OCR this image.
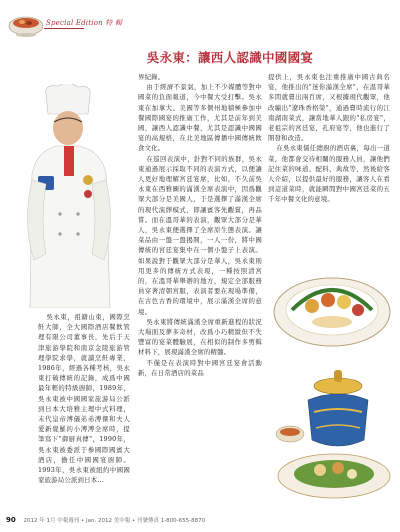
Special Edition 特 輯
吳永東：讓西人認識中國國宴

吳永東，祖籍山東，國際烹飪大師，全大國際酒店餐飲管理有限公司董事長，先后于天津旅游學院和南京金陵旅游管理學院求學，就讀烹飪專業，1986年，經過各種考核，吳永東打破傳統的記錄，成爲中國最年輕的特級廚師，1989年，吳永東被中國國家旅游局公派到日本大培雅主理中式料理，末代皇帝溥儀弟弟溥傑和夫人愛新覺羅的小溥溥全席時，提筆寫下"御厨真傳"，1990年，吳永東被委派于参國際國賓大酒店，擔任中國國宴廚師。1993年，吳永東被紐約中國國家旅游局公派到日本...

界紀錄。

由于經濟不景氣，加上不少媒體等對中國菜的負面報道，今中餐大受打擊。吳永東在加拿大、美國等多個州地積極參加中餐國際國宴的推廣工作，尤其是前年到美國，讓西人認識中餐，尤其是認識中國國宴的高規格，在北美地區傳播中國傳統飲食文化。

在巡回表演中，針對不同的族群，吳永東通過展示採取不同的表演方式，以便讓人更好地理解宮廷宴席，比如，不久前吳永東在西雅圖的滿漢全席表演中，因爲觀眾大部分是美國人，于是選擇了滿漢全席的現代演繹模式，即讓賓客先觀賞，再品嘗。而在溫哥華的表演，觀眾大部分是華人，吳永東便選擇了全席原生態表演。讓菜品由一盤一盤揭開，一人一份，將中國傳統的宮廷宴集中在一個小盤子上表演。如果說對于觀眾大部分是華人，吳永東則用更多的傳統方式表現，一種按照清宮的，在溫哥華舉辦的地方，規定全部服務員穿著清朝宮服，表演者要在現場準備，在古色古香的環境中，展示滿漢全席的意境。

吳永東將傳統滿漢全席重新進程的狀況大場面及夢多奇材，改爲小巧精緻但不失豐富的宴菜體驗展，在相似的制作多剪輯材料下，展現滿漢全席的精髓。

不僅是在表演時對中國宮廷宴會活動新，在日常酒店的菜品

提供上，吳永東也注重推廣中國古典名宴，他推出的"迷你滿漢全席"，在温哥華多間就賣出兩百席，又根據現代觀眾，他改編出"遼珠香格榮"，通過賣時流行的江南湖南菜式，讓當地華人跟的"私房宴"，老祖宗的宮廷宴，孔府宴等，他也進行了開發和改造。

在吳永東儒任總廚的酒店裏，每出一道菜，他都會交待相關的服務人員，讓他們記住菜的味道、配料、典故等，然後給客人介紹，以提供最好的服務，讓客人在看到這道菜時，就能瞬間對中國宮廷菜的五千年中餐文化的意境。

90 2012 年 1月 中報週刊 • Jan. 2012 美中報 • 刊號傳真 1-800-655-8870
